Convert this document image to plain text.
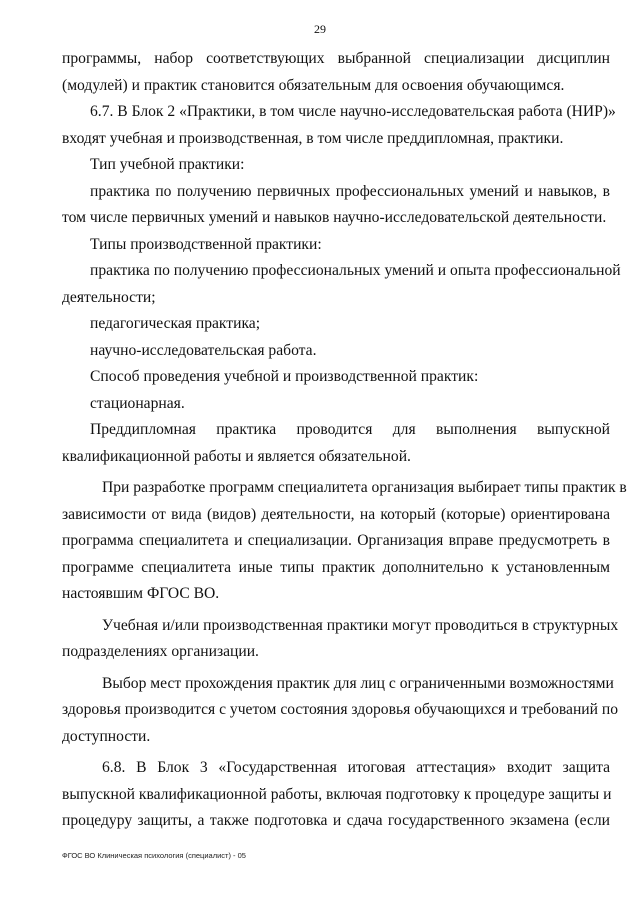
29
программы, набор соответствующих выбранной специализации дисциплин
(модулей) и практик становится обязательным для освоения обучающимся.
6.7. В Блок 2 «Практики, в том числе научно-исследовательская работа (НИР)»
входят учебная и производственная, в том числе преддипломная, практики.
Тип учебной практики:
практика по получению первичных профессиональных умений и навыков, в
том числе первичных умений и навыков научно-исследовательской деятельности.
Типы производственной практики:
практика по получению профессиональных умений и опыта профессиональной
деятельности;
педагогическая практика;
научно-исследовательская работа.
Способ проведения учебной и производственной практик:
стационарная.
Преддипломная практика проводится для выполнения выпускной
квалификационной работы и является обязательной.
При разработке программ специалитета организация выбирает типы практик в
зависимости от вида (видов) деятельности, на который (которые) ориентирована
программа специалитета и специализации. Организация вправе предусмотреть в
программе специалитета иные типы практик дополнительно к установленным
настоявшим ФГОС ВО.
Учебная и/или производственная практики могут проводиться в структурных
подразделениях организации.
Выбор мест прохождения практик для лиц с ограниченными возможностями
здоровья производится с учетом состояния здоровья обучающихся и требований по
доступности.
6.8. В Блок 3 «Государственная итоговая аттестация» входит защита
выпускной квалификационной работы, включая подготовку к процедуре защиты и
процедуру защиты, а также подготовка и сдача государственного экзамена (если
ФГОС ВО Клиническая психология (специалист) - 05
